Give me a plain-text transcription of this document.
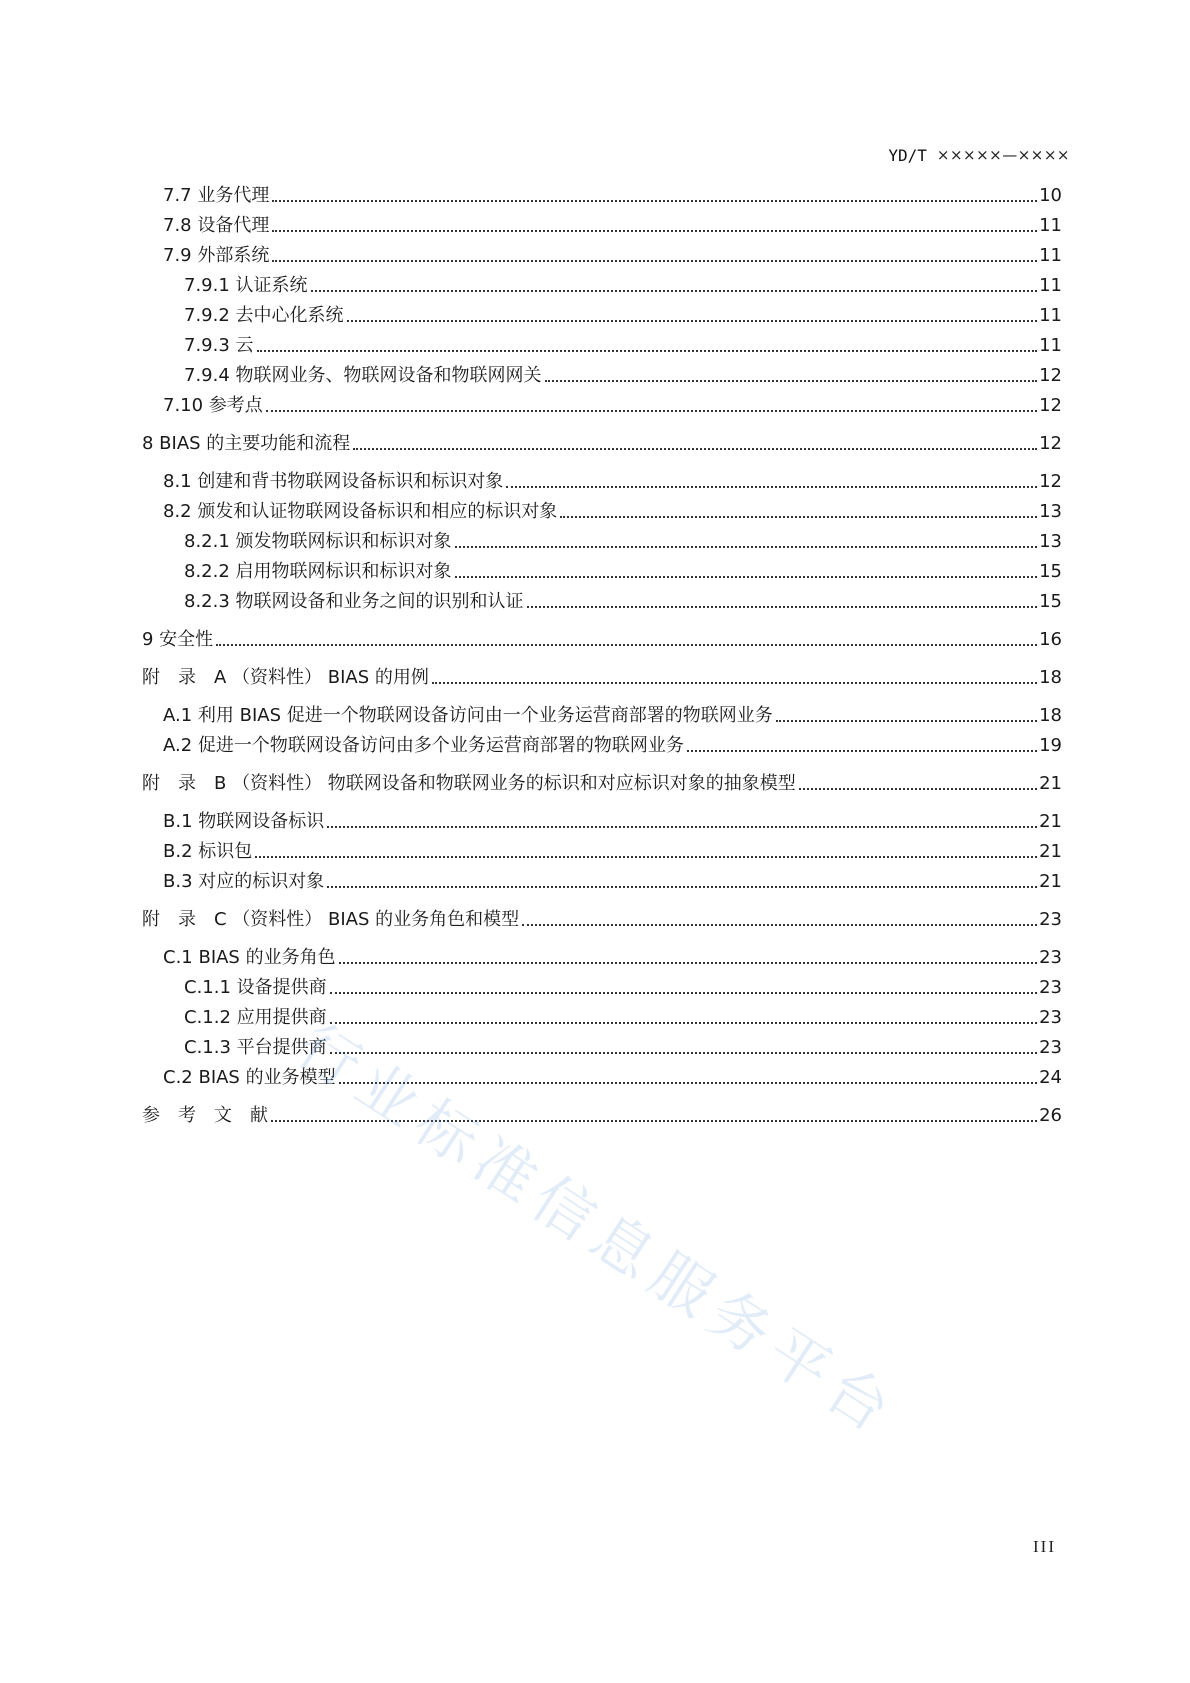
YD/T ×××××—××××
7.7 业务代理	10
7.8 设备代理	11
7.9 外部系统	11
7.9.1 认证系统	11
7.9.2 去中心化系统	11
7.9.3 云	11
7.9.4 物联网业务、物联网设备和物联网网关	12
7.10 参考点	12
8 BIAS 的主要功能和流程	12
8.1 创建和背书物联网设备标识和标识对象	12
8.2 颁发和认证物联网设备标识和相应的标识对象	13
8.2.1 颁发物联网标识和标识对象	13
8.2.2 启用物联网标识和标识对象	15
8.2.3 物联网设备和业务之间的识别和认证	15
9 安全性	16
附　录　A （资料性） BIAS 的用例	18
A.1 利用 BIAS 促进一个物联网设备访问由一个业务运营商部署的物联网业务	18
A.2 促进一个物联网设备访问由多个业务运营商部署的物联网业务	19
附　录　B （资料性） 物联网设备和物联网业务的标识和对应标识对象的抽象模型	21
B.1 物联网设备标识	21
B.2 标识包	21
B.3 对应的标识对象	21
附　录　C （资料性） BIAS 的业务角色和模型	23
C.1 BIAS 的业务角色	23
C.1.1 设备提供商	23
C.1.2 应用提供商	23
C.1.3 平台提供商	23
C.2 BIAS 的业务模型	24
参　考　文　献	26
行业标准信息服务平台
III
